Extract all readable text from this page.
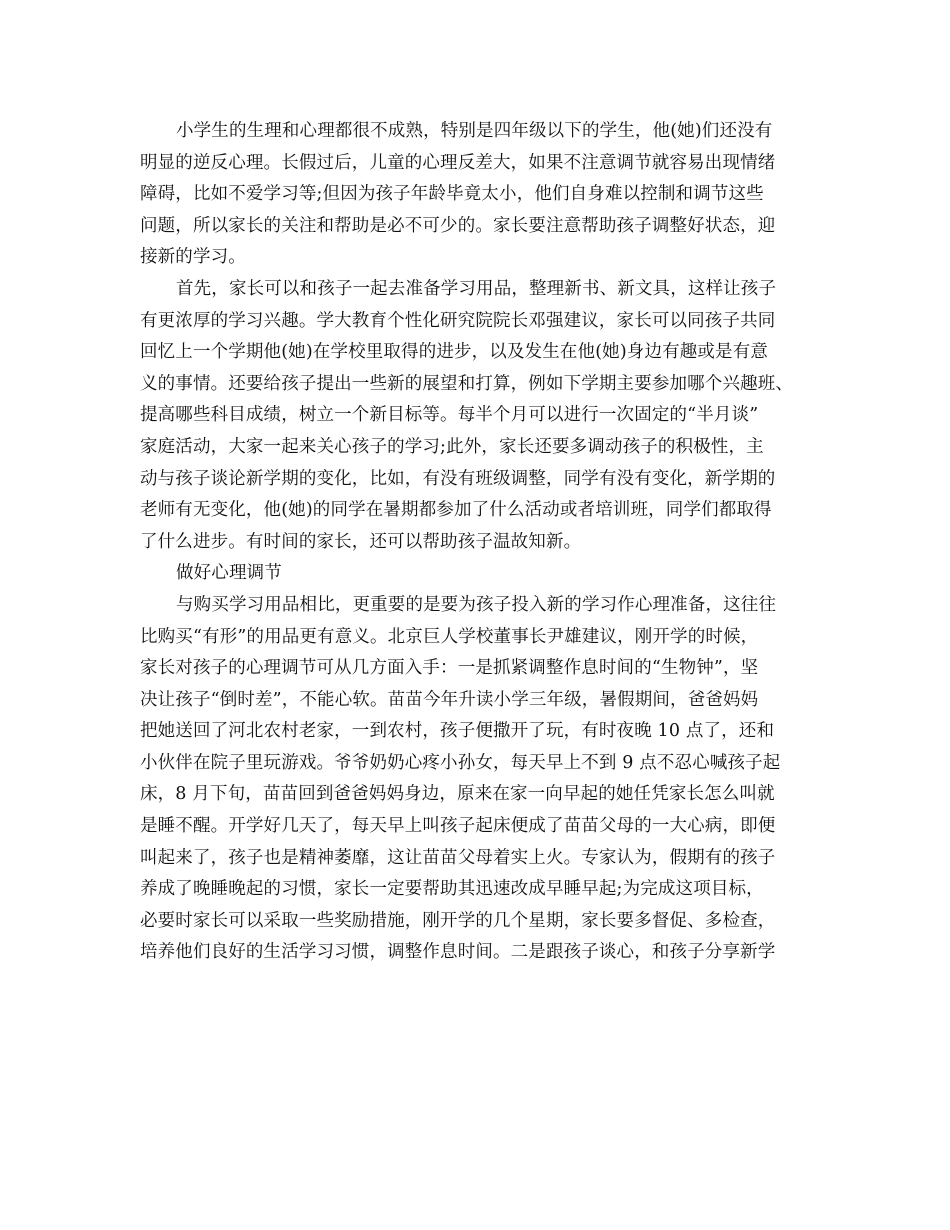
小学生的生理和心理都很不成熟，特别是四年级以下的学生，他(她)们还没有
明显的逆反心理。长假过后，儿童的心理反差大，如果不注意调节就容易出现情绪
障碍，比如不爱学习等;但因为孩子年龄毕竟太小，他们自身难以控制和调节这些
问题，所以家长的关注和帮助是必不可少的。家长要注意帮助孩子调整好状态，迎
接新的学习。
首先，家长可以和孩子一起去准备学习用品，整理新书、新文具，这样让孩子
有更浓厚的学习兴趣。学大教育个性化研究院院长邓强建议，家长可以同孩子共同
回忆上一个学期他(她)在学校里取得的进步，以及发生在他(她)身边有趣或是有意
义的事情。还要给孩子提出一些新的展望和打算，例如下学期主要参加哪个兴趣班、
提高哪些科目成绩，树立一个新目标等。每半个月可以进行一次固定的“半月谈”
家庭活动，大家一起来关心孩子的学习;此外，家长还要多调动孩子的积极性，主
动与孩子谈论新学期的变化，比如，有没有班级调整，同学有没有变化，新学期的
老师有无变化，他(她)的同学在暑期都参加了什么活动或者培训班，同学们都取得
了什么进步。有时间的家长，还可以帮助孩子温故知新。
做好心理调节
与购买学习用品相比，更重要的是要为孩子投入新的学习作心理准备，这往往
比购买“有形”的用品更有意义。北京巨人学校董事长尹雄建议，刚开学的时候，
家长对孩子的心理调节可从几方面入手：一是抓紧调整作息时间的“生物钟”，坚
决让孩子“倒时差”，不能心软。苗苗今年升读小学三年级，暑假期间，爸爸妈妈
把她送回了河北农村老家，一到农村，孩子便撒开了玩，有时夜晚 10 点了，还和
小伙伴在院子里玩游戏。爷爷奶奶心疼小孙女，每天早上不到 9 点不忍心喊孩子起
床，8 月下旬，苗苗回到爸爸妈妈身边，原来在家一向早起的她任凭家长怎么叫就
是睡不醒。开学好几天了，每天早上叫孩子起床便成了苗苗父母的一大心病，即便
叫起来了，孩子也是精神萎靡，这让苗苗父母着实上火。专家认为，假期有的孩子
养成了晚睡晚起的习惯，家长一定要帮助其迅速改成早睡早起;为完成这项目标，
必要时家长可以采取一些奖励措施，刚开学的几个星期，家长要多督促、多检查，
培养他们良好的生活学习习惯，调整作息时间。二是跟孩子谈心，和孩子分享新学
